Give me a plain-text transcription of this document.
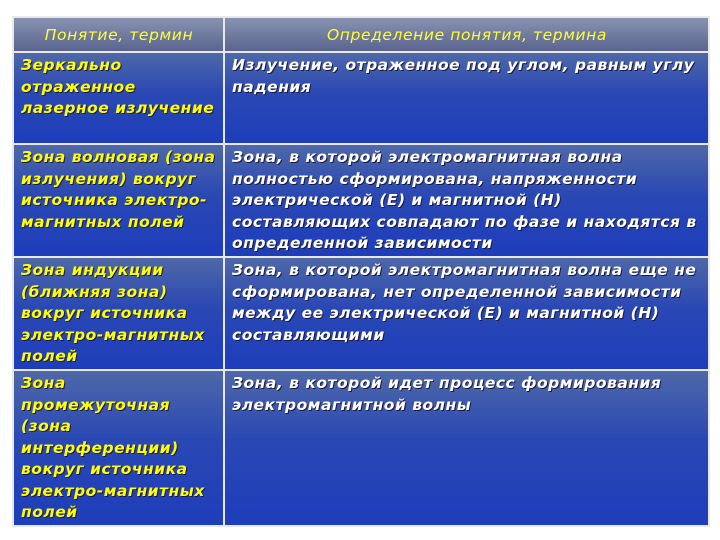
Понятие, термин	Определение понятия, термина
Зеркально отраженное лазерное излучение	Излучение, отраженное под углом, равным углу падения
Зона волновая (зона излучения) вокруг источника электро-магнитных полей	Зона, в которой электромагнитная волна полностью сформирована, напряженности электрической (Е) и магнитной (Н) составляющих совпадают по фазе и находятся в определенной зависимости
Зона индукции (ближняя зона) вокруг источника электро-магнитных полей	Зона, в которой электромагнитная волна еще не сформирована, нет определенной зависимости между ее электрической (Е) и магнитной (Н) составляющими
Зона промежуточная (зона интерференции) вокруг источника электро-магнитных полей	Зона, в которой идет процесс формирования электромагнитной волны
